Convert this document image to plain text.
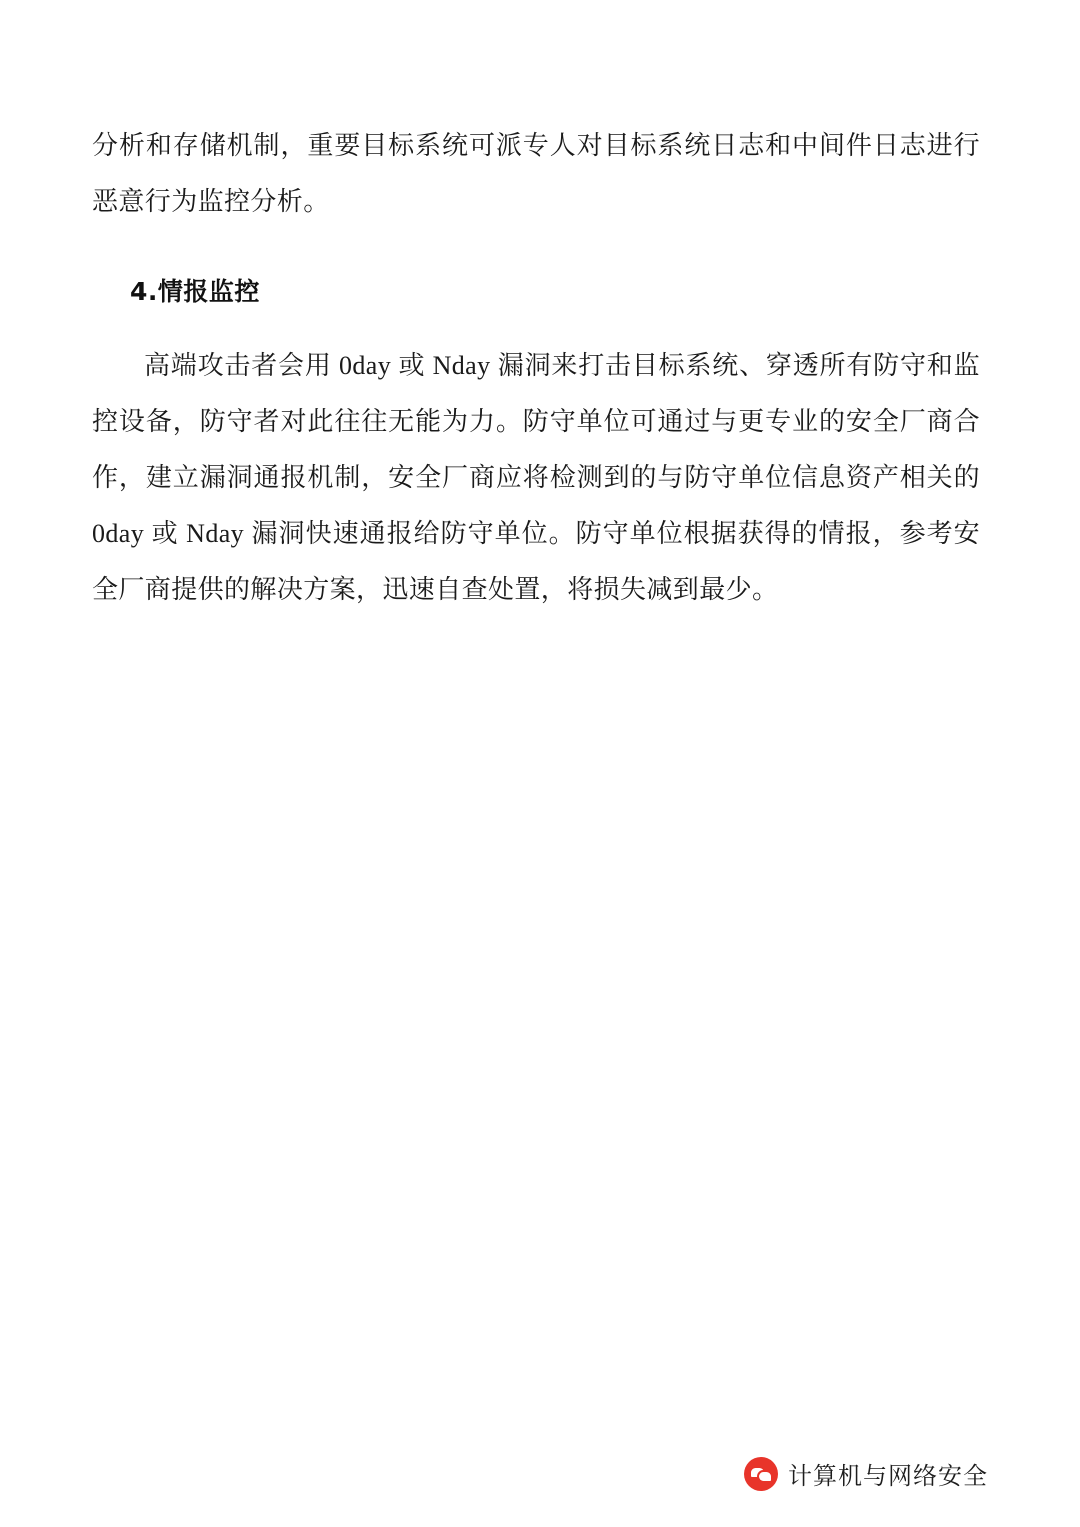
分析和存储机制，重要目标系统可派专人对目标系统日志和中间件日志进行恶意行为监控分析。

4.情报监控

高端攻击者会用 0day 或 Nday 漏洞来打击目标系统、穿透所有防守和监控设备，防守者对此往往无能为力。防守单位可通过与更专业的安全厂商合作，建立漏洞通报机制，安全厂商应将检测到的与防守单位信息资产相关的 0day 或 Nday 漏洞快速通报给防守单位。防守单位根据获得的情报，参考安全厂商提供的解决方案，迅速自查处置，将损失减到最少。

计算机与网络安全
